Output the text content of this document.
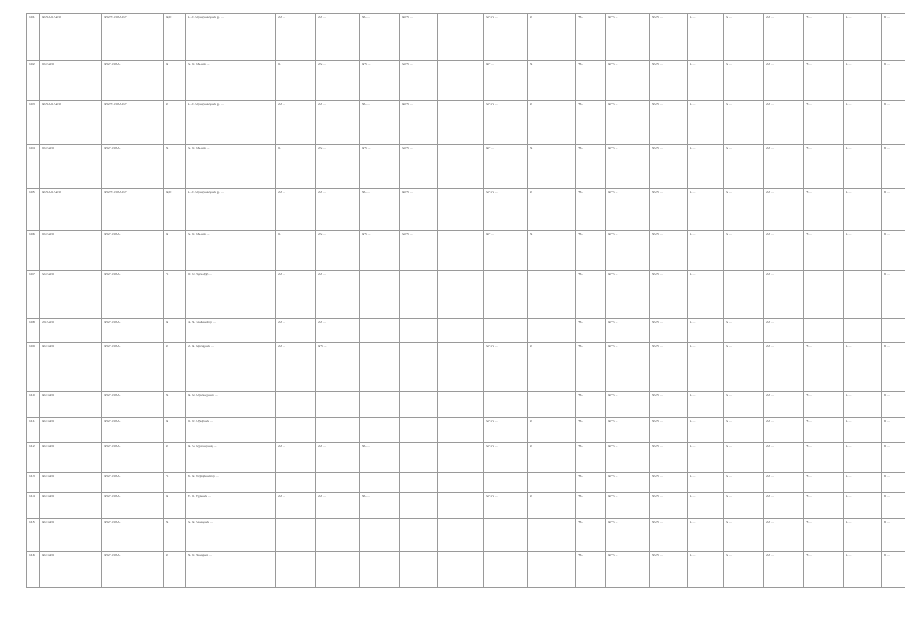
101	ԱՄՆՆՍ-ԿԲՍ	ԶԳՐԻ ՀՍՆՆԵՐ	Ա/Բ	Լ. Հ. Արարատյան ք. ...	ՀՀ ..	ՀՀ ...	ԳՆ ...	ԱԲՊ ...		ԿՐ-Ռ ...	Բ	ՊՆ	ԱՐԴ ..	ԳԿՊ ...	Լ ...	Կ ...	ՀՀ ...	Պ ...	Լ ...	Շ ...

102	ՍՍ-ԿԲՍ	ԶԳՐ ՀՍՆՆ	Ա	Կ. Ս. Սևան ...	Ս.	ՀԿ ...	ԱՊ ...	ԿԲՊ ...		ԱՐ ...	Գ	ՊՆ	ԱՐԴ ..	ԳԿՊ ...	Լ ...	Կ ...	ՀՀ ...	Պ ...	Լ ...	Շ ...

103	ԱՄՆՆՍ-ԿԲՍ	ԶԳՐԻ ՀՍՆՆԵՐ	Բ	Լ. Հ. Արարատյան ք. ...	ՀՀ ..	ՀՀ ...	ԳՆ ...	ԱԲՊ ...		ԿՐ-Ռ ...	Բ	ՊՆ	ԱՐԴ ..	ԳԿՊ ...	Լ ...	Կ ...	ՀՀ ...	Պ ...	Լ ...	Շ ...

104	ՍՍ-ԿԲՍ	ԶԳՐ ՀՍՆՆ	Գ	Կ. Ս. Սևան ...	Ս.	ՀԿ ...	ԱՊ ...	ԿԲՊ ...		ԱՐ ...	Գ	ՊՆ	ԱՐԴ ..	ԳԿՊ ...	Լ ...	Կ ...	ՀՀ ...	Պ ...	Լ ...	Շ ...

105	ԱՄՆՆՍ-ԿԲՍ	ԶԳՐԻ ՀՍՆՆԵՐ	Ա/Բ	Լ. Հ. Արարատյան ք. ...	ՀՀ ..	ՀՀ ...	ԳՆ ...	ԱԲՊ ...		ԿՐ-Ռ ...	Բ	ՊՆ	ԱՐԴ ..	ԳԿՊ ...	Լ ...	Կ ...	ՀՀ ...	Պ ...	Լ ...	Շ ...

106	ՍՍ-ԿԲՍ	ԶԳՐ ՀՍՆՆ	Ա	Կ. Ս. Սևան ...	Ս.	ՀԿ ...	ԱՊ ...	ԿԲՊ ...		ԱՐ ...	Գ	ՊՆ	ԱՐԴ ..	ԳԿՊ ...	Լ ...	Կ ...	ՀՀ ...	Պ ...	Լ ...	Շ ...

107	ԿՍ-ԿԲՍ	ԶԳՐ ՀՍՆՆ	Դ	Մ. Ս. Գյումրի ...	ՀՀ ..	ՀՀ ...						ՊՆ	ԱՐԴ ..	ԳԿՊ ...	Լ ...		ՀՀ ...			Շ ...

108	ՀՍ-ԿԲՍ	ԶԳՐ ՀՍՆՆ	Ա	Վ. Գ. Վանաձոր ...	ՀՀ ..	ՀՀ ...						ՊՆ	ԱՐԴ ..	ԳԿՊ ...	Լ ...	Կ ...	ՀՀ ...			

109	ԱՍ-ԿԲՍ	ԶԳՐ ՀՍՆՆ	Բ	Հ. Ա. Աբովյան ...	ՀՀ ..	ԱՊ ...				ԿՐ-Ռ ...	Բ	ՊՆ	ԱՐԴ ..	ԳԿՊ ...	Լ ...	Կ ...	ՀՀ ...	Պ ...	Լ ...	Շ ...

110	ԱՍ-ԿԲՍ	ԶԳՐ ՀՍՆՆ	Գ	Ա. Ա. Արտաշատ ...								ՊՆ	ԱՐԴ ..	ԳԿՊ ...	Լ ...	Կ ...	ՀՀ ...	Պ ...	Լ ...	Շ ...

111	ԱՍ-ԿԲՍ	ԶԳՐ ՀՍՆՆ	Ա	Ս. Մ. Սիսիան ...						ԿՐ-Ռ ...	Բ	ՊՆ	ԱՐԴ ..	ԳԿՊ ...	Լ ...	Կ ...	ՀՀ ...	Պ ...	Լ ...	Շ ...

112	ԱՍ-ԿԲՍ	ԶԳՐ ՀՍՆՆ	Բ	Ա. Կ. Աշտարակ ...	ՀՀ ..	ՀՀ ...	ԳՆ ...			ԿՐ-Ռ ...	Բ	ՊՆ	ԱՐԴ ..	ԳԿՊ ...	Լ ...	Կ ...	ՀՀ ...	Պ ...	Լ ...	Շ ...

113	ԱՍ-ԿԲՍ	ԶԳՐ ՀՍՆՆ	Դ	Ե. Ա. Եղեգնաձոր ...								ՊՆ	ԱՐԴ ..	ԳԿՊ ...	Լ ...	Կ ...	ՀՀ ...	Պ ...	Լ ...	Շ ...

114	ԱՍ-ԿԲՍ	ԶԳՐ ՀՍՆՆ	Ա	Ի. Ս. Իջևան ...	ՀՀ ..	ՀՀ ...	ԳՆ ...			ԿՐ-Ռ ...	Բ	ՊՆ	ԱՐԴ ..	ԳԿՊ ...	Լ ...	Կ ...	ՀՀ ...	Պ ...	Լ ...	Շ ...

115	ԱՍ-ԿԲՍ	ԶԳՐ ՀՍՆՆ	Գ	Կ. Ա. Կապան ...								ՊՆ	ԱՐԴ ..	ԳԿՊ ...	Լ ...	Կ ...	ՀՀ ...	Պ ...	Լ ...	Շ ...

116	ԱՍ-ԿԲՍ	ԶԳՐ ՀՍՆՆ	Բ	Գ. Ս. Գավառ ...								ՊՆ	ԱՐԴ ..	ԳԿՊ ...	Լ ...	Կ ...	ՀՀ ...	Պ ...	Լ ...	Շ ...
